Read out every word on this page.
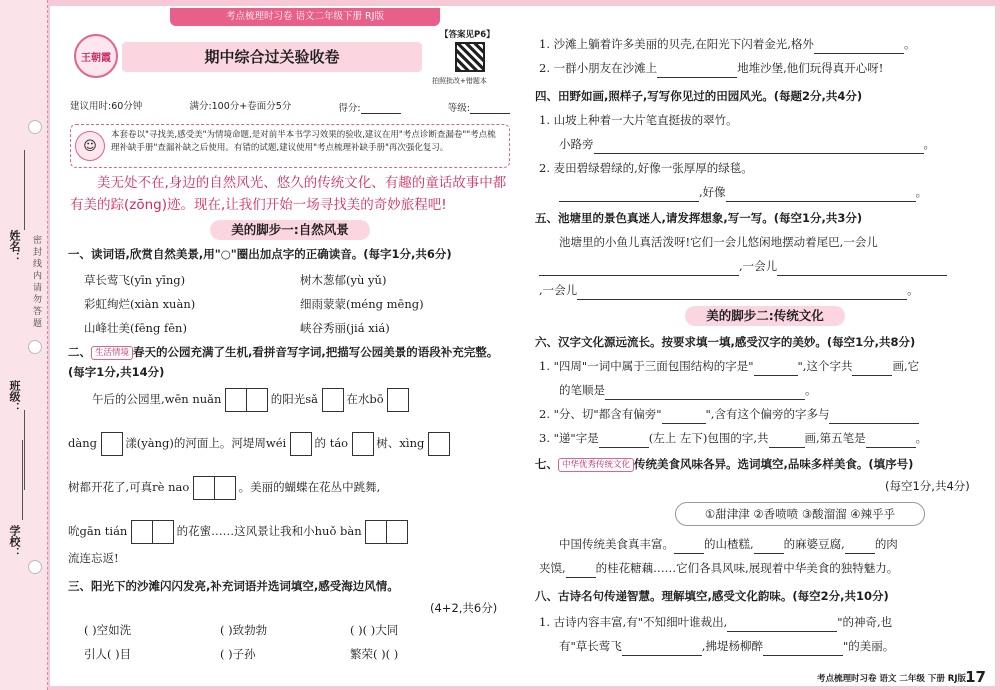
姓名：
班级：
学校：
密 封 线 内 请 勿 答 题
考点梳理时习卷 语文二年级下册 RJ版
王朝霞	期中综合过关验收卷
【答案见P6】
拍照批改+错题本
建议用时:60分钟	满分:100分+卷面分5分	得分:	等级:
☺
本套卷以"寻找美,感受美"为情境命题,是对前半本书学习效果的验收,建议在用"考点诊断查漏卷""考点梳理补缺手册"查漏补缺之后使用。有错的试题,建议使用"考点梳理补缺手册"再次强化复习。
美无处不在,身边的自然风光、悠久的传统文化、有趣的童话故事中都有美的踪(zōng)迹。现在,让我们开始一场寻找美的奇妙旅程吧!
美的脚步一:自然风景
一、读词语,欣赏自然美景,用"○"圈出加点字的正确读音。(每字1分,共6分)
草长莺飞(yīn yīng)	树木葱郁(yù yǔ)
彩虹绚烂(xiàn xuàn)	细雨蒙蒙(méng mēng)
山峰壮美(fēng fēn)	峡谷秀丽(jiá xiá)
二、 生活情境 春天的公园充满了生机,看拼音写字词,把描写公园美景的语段补充完整。(每字1分,共14分)
午后的公园里,wēn nuǎn	的阳光sǎ 在水bō
dàng 漾(yàng)的河面上。河堤周wéi 的 táo 树、xìng
树都开花了,可真rè nao	。美丽的蝴蝶在花丛中跳舞,
吮gān tián	的花蜜……这风景让我和小huǒ bàn
流连忘返!
三、阳光下的沙滩闪闪发亮,补充词语并选词填空,感受海边风情。
(4+2,共6分)
( )空如洗	( )致勃勃	( )( )大同
引人( )目	( )子孙	繁荣( )( )
1. 沙滩上躺着许多美丽的贝壳,在阳光下闪着金光,格外	。
2. 一群小朋友在沙滩上	地堆沙堡,他们玩得真开心呀!
四、田野如画,照样子,写写你见过的田园风光。(每题2分,共4分)
1. 山坡上种着一大片笔直挺拔的翠竹。
小路旁	。
2. 麦田碧绿碧绿的,好像一张厚厚的绿毯。
,好像	。
五、池塘里的景色真迷人,请发挥想象,写一写。(每空1分,共3分)
池塘里的小鱼儿真活泼呀!它们一会儿悠闲地摆动着尾巴,一会儿
,一会儿
,一会儿	。
美的脚步二:传统文化
六、汉字文化源远流长。按要求填一填,感受汉字的美妙。(每空1分,共8分)
1. "四周"一词中属于三面包围结构的字是"	",这个字共	画,它
的笔顺是	。
2. "分、切"都含有偏旁"	",含有这个偏旁的字多与
3. "递"字是	(左上 左下)包围的字,共	画,第五笔是	。
七、 中华优秀传统文化 传统美食风味各异。选词填空,品味多样美食。(填序号)
(每空1分,共4分)
①甜津津 ②香喷喷 ③酸溜溜 ④辣乎乎
中国传统美食真丰富。	的山楂糕,	的麻婆豆腐,	的肉
夹馍,	的桂花糖藕……它们各具风味,展现着中华美食的独特魅力。
八、古诗名句传递智慧。理解填空,感受文化韵味。(每空2分,共10分)
1. 古诗内容丰富,有"不知细叶谁裁出,	"的神奇,也
有"草长莺飞	,拂堤杨柳醉	"的美丽。
考点梳理时习卷 语文 二年级 下册 RJ版 17
